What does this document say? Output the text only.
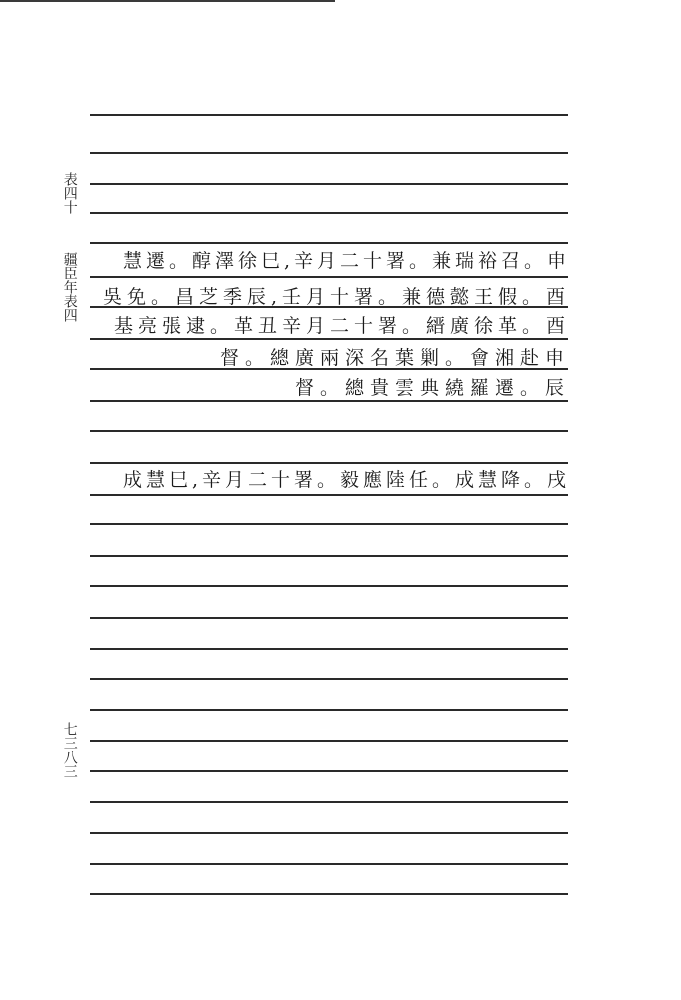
表四十
疆臣年表四
七三八三
慧遷。醇澤徐巳,辛月二十署。兼瑞裕召。申
吳免。昌芝季辰,壬月十署。兼德懿王假。酉
基亮張逮。革丑辛月二十署。縉廣徐革。酉
督。總廣兩深名葉剿。會湘赴申
督。總貴雲典繞羅遷。辰
成慧巳,辛月二十署。毅應陸任。成慧降。戌
